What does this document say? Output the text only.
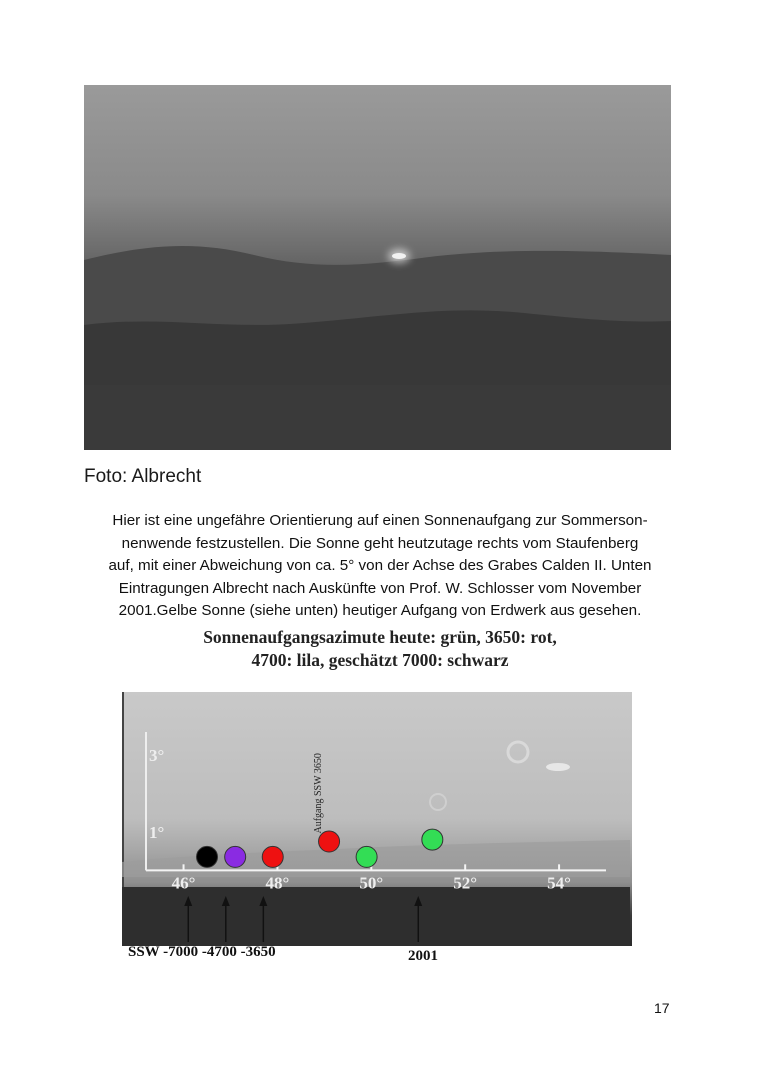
Foto: Albrecht
Hier ist eine ungefähre Orientierung auf einen Sonnenaufgang zur Sommerson-
nenwende festzustellen. Die Sonne geht heutzutage rechts vom Staufenberg
auf, mit einer Abweichung von ca. 5° von der Achse des Grabes Calden II. Unten
Eintragungen Albrecht nach Auskünfte von Prof. W. Schlosser vom November
2001.Gelbe Sonne (siehe unten) heutiger Aufgang von Erdwerk aus gesehen.
Sonnenaufgangsazimute heute: grün, 3650: rot,
4700: lila, geschätzt 7000: schwarz
46°	48°	50°	52°	54°
3°
1°	Aufgang SSW 3650
SSW -7000 -4700 -3650	2001
17
